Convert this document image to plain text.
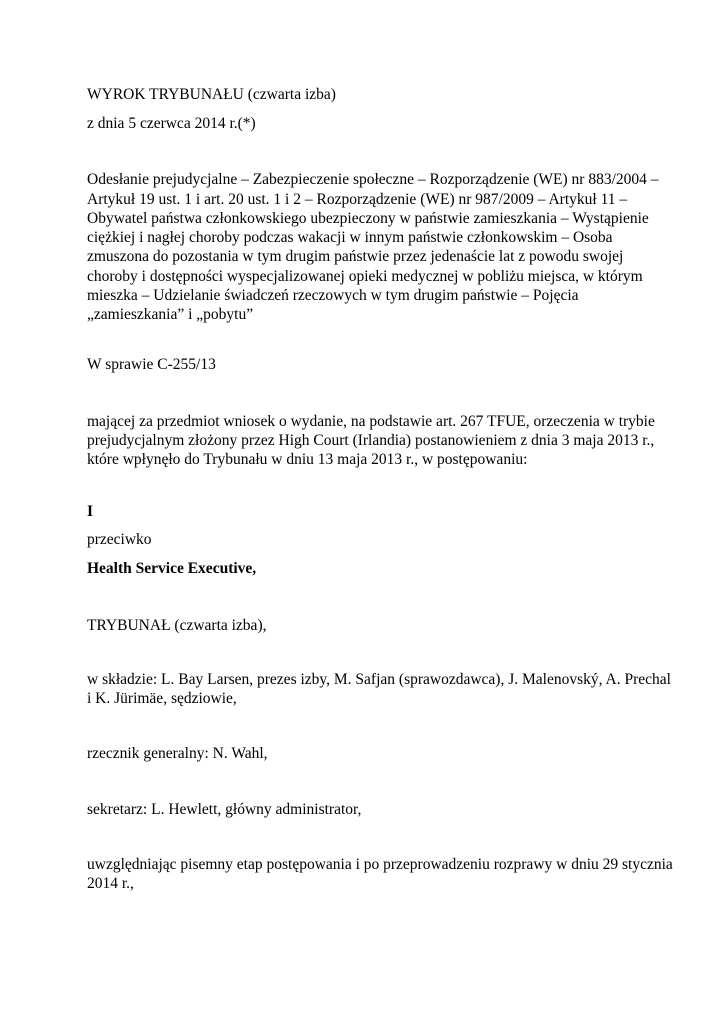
WYROK TRYBUNAŁU (czwarta izba)
z dnia 5 czerwca 2014 r.(*)
Odesłanie prejudycjalne – Zabezpieczenie społeczne – Rozporządzenie (WE) nr 883/2004 –
Artykuł 19 ust. 1 i art. 20 ust. 1 i 2 – Rozporządzenie (WE) nr 987/2009 – Artykuł 11 –
Obywatel państwa członkowskiego ubezpieczony w państwie zamieszkania – Wystąpienie
ciężkiej i nagłej choroby podczas wakacji w innym państwie członkowskim – Osoba
zmuszona do pozostania w tym drugim państwie przez jedenaście lat z powodu swojej
choroby i dostępności wyspecjalizowanej opieki medycznej w pobliżu miejsca, w którym
mieszka – Udzielanie świadczeń rzeczowych w tym drugim państwie – Pojęcia
„zamieszkania” i „pobytu”
W sprawie C‑255/13
mającej za przedmiot wniosek o wydanie, na podstawie art. 267 TFUE, orzeczenia w trybie
prejudycjalnym złożony przez High Court (Irlandia) postanowieniem z dnia 3 maja 2013 r.,
które wpłynęło do Trybunału w dniu 13 maja 2013 r., w postępowaniu:
I
przeciwko
Health Service Executive,
TRYBUNAŁ (czwarta izba),
w składzie: L. Bay Larsen, prezes izby, M. Safjan (sprawozdawca), J. Malenovský, A. Prechal
i K. Jürimäe, sędziowie,
rzecznik generalny: N. Wahl,
sekretarz: L. Hewlett, główny administrator,
uwzględniając pisemny etap postępowania i po przeprowadzeniu rozprawy w dniu 29 stycznia
2014 r.,
